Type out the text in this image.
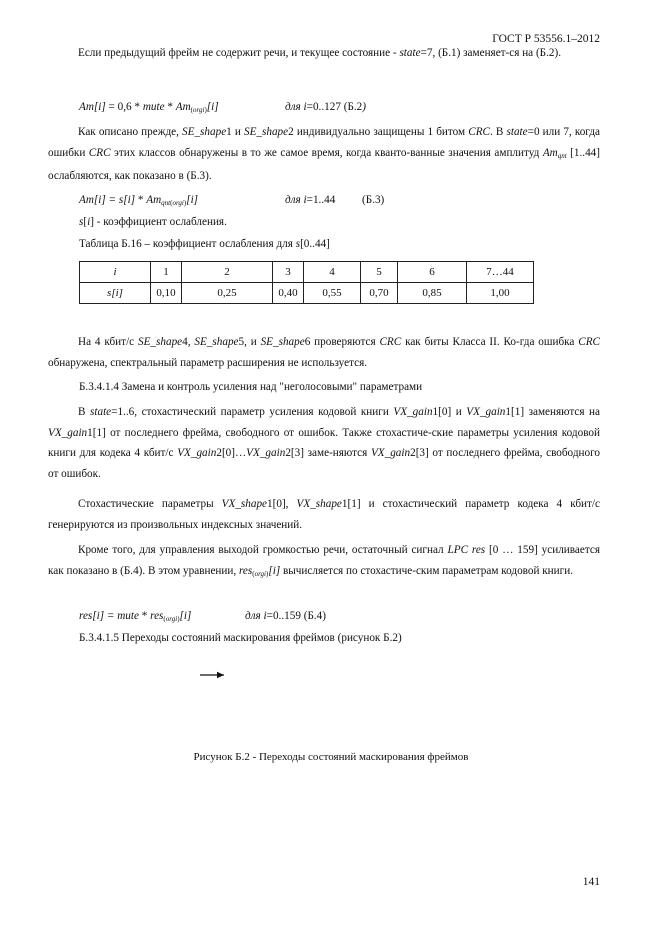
ГОСТ Р 53556.1–2012

Если предыдущий фрейм не содержит речи, и текущее состояние - state=7, (Б.1) заменяет-ся на (Б.2).

Am[i] = 0,6 * mute * $Am_{(orgi)}[i]$

	для i=0..127 (Б.2)

Как описано прежде, SE_shape1 и SE_shape2 индивидуально защищены 1 битом CRC. В state=0 или 7, когда ошибки CRC этих классов обнаружены в то же самое время, когда кванто-ванные значения амплитуд $Am_{qnt}$ [1..44] ослабляются, как показано в (Б.3).

$Am[i] = s[i] * Am_{qnt(orgi)}[i]$

	для i=1..44

(Б.3)

s[i] - коэффициент ослабления.
Таблица Б.16 – коэффициент ослабления для s[0..44]
i	1	2	3	4	5	6	7…44
s[i]	0,10	0,25	0,40	0,55	0,70	0,85	1,00

На 4 кбит/с SE_shape4, SE_shape5, и SE_shape6 проверяются CRC как биты Класса II. Ко-гда ошибка CRC обнаружена, спектральный параметр расширения не используется.

Б.3.4.1.4 Замена и контроль усиления над "неголосовыми" параметрами

В state=1..6, стохастический параметр усиления кодовой книги VX_gain1[0] и VX_gain1[1] заменяются на VX_gain1[1] от последнего фрейма, свободного от ошибок. Также стохастиче-ские параметры усиления кодовой книги для кодека 4 кбит/с VX_gain2[0]…VX_gain2[3] заме-няются VX_gain2[3] от последнего фрейма, свободного от ошибок.

Стохастические параметры VX_shape1[0], VX_shape1[1] и стохастический параметр кодека 4 кбит/с генерируются из произвольных индексных значений.

Кроме того, для управления выходой громкостью речи, остаточный сигнал LPC res [0 … 159] усиливается как показано в (Б.4). В этом уравнении, res$_{(orgi)}$[i] вычисляется по стохастиче-ским параметрам кодовой книги.

res[i] = mute * res$_{(orgi)}$[i]

	для i=0..159 (Б.4)

Б.3.4.1.5 Переходы состояний маскирования фреймов (рисунок Б.2)
Рисунок Б.2 - Переходы состояний маскирования фреймов
141
